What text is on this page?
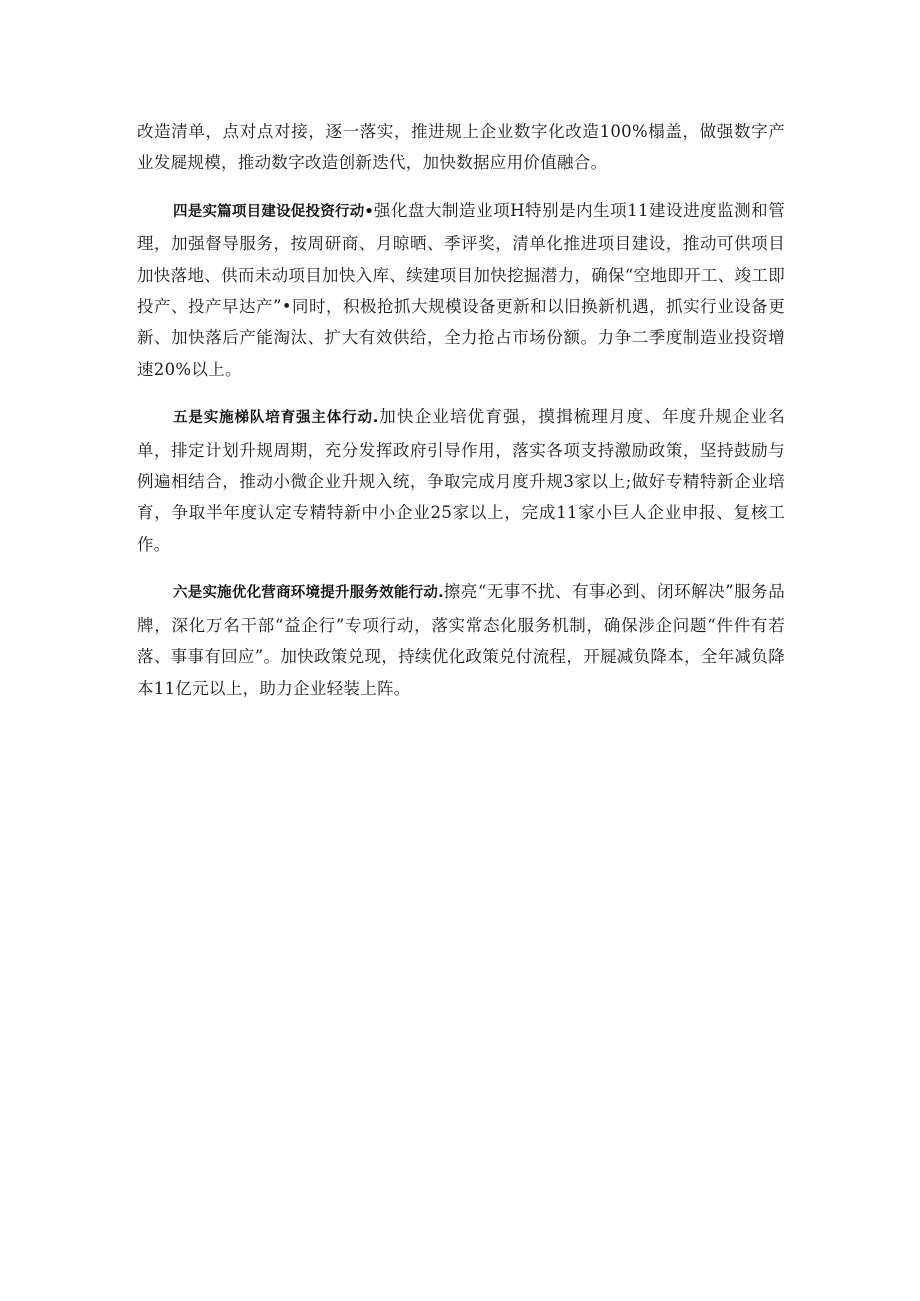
改造清单，点对点对接，逐一落实，推进规上企业数字化改造100%榻盖，做强数字产业发屣规模，推动数字改造创新迭代，加快数据应用价值融合。

四是实篇项目建设促投资行动•强化盘大制造业项H特别是内生项11建设进度监测和管理，加强督导服务，按周研商、月晾晒、季评奖，清单化推进项目建设，推动可供项目加快落地、供而未动项目加快入库、续建项目加快挖掘潜力，确保“空地即开工、竣工即投产、投产早达产”•同时，积极抢抓大规模设备更新和以旧换新机遇，抓实行业设备更新、加快落后产能淘汰、扩大有效供给，全力抢占市场份额。力争二季度制造业投资增速20%以上。

五是实施梯队培育强主体行动.加快企业培优育强，摸揖梳理月度、年度升规企业名单，排定计划升规周期，充分发挥政府引导作用，落实各项支持激励政策，坚持鼓励与例遍相结合，推动小微企业升规入统，争取完成月度升规3家以上;做好专精特新企业培育，争取半年度认定专精特新中小企业25家以上，完成11家小巨人企业申报、复核工作。

六是实施优化营商环境提升服务效能行动.擦亮“无事不扰、有事必到、闭环解决”服务品牌，深化万名干部“益企行”专项行动，落实常态化服务机制，确保涉企问题“件件有若落、事事有回应”。加快政策兑现，持续优化政策兑付流程，开屣减负降本，全年减负降本11亿元以上，助力企业轻装上阵。
